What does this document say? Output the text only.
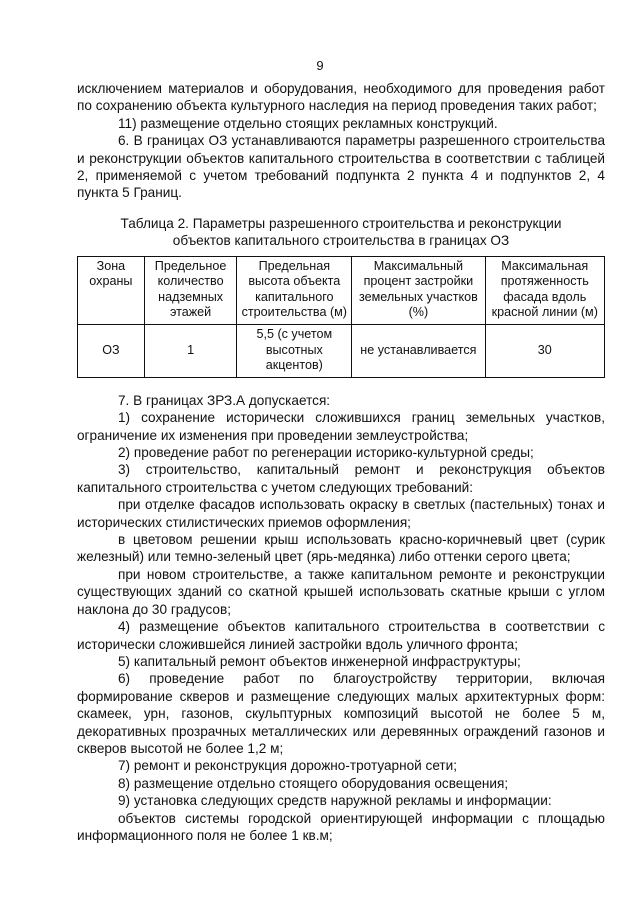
9

исключением материалов и оборудования, необходимого для проведения работ по сохранению объекта культурного наследия на период проведения таких работ;

11) размещение отдельно стоящих рекламных конструкций.

6. В границах ОЗ устанавливаются параметры разрешенного строительства и реконструкции объектов капитального строительства в соответствии с таблицей 2, применяемой с учетом требований подпункта 2 пункта 4 и подпунктов 2, 4 пункта 5 Границ.

Таблица 2. Параметры разрешенного строительства и реконструкции
объектов капитального строительства в границах ОЗ
Зона охраны	Предельное количество надземных этажей	Предельная высота объекта капитального строительства (м)	Максимальный процент застройки земельных участков (%)	Максимальная протяженность фасада вдоль красной линии (м)
ОЗ	1	5,5 (с учетом высотных акцентов)	не устанавливается	30

7. В границах ЗРЗ.А допускается:

1) сохранение исторически сложившихся границ земельных участков, ограничение их изменения при проведении землеустройства;

2) проведение работ по регенерации историко-культурной среды;

3) строительство, капитальный ремонт и реконструкция объектов капитального строительства с учетом следующих требований:

при отделке фасадов использовать окраску в светлых (пастельных) тонах и исторических стилистических приемов оформления;

в цветовом решении крыш использовать красно-коричневый цвет (сурик железный) или темно-зеленый цвет (ярь-медянка) либо оттенки серого цвета;

при новом строительстве, а также капитальном ремонте и реконструкции существующих зданий со скатной крышей использовать скатные крыши с углом наклона до 30 градусов;

4) размещение объектов капитального строительства в соответствии с исторически сложившейся линией застройки вдоль уличного фронта;

5) капитальный ремонт объектов инженерной инфраструктуры;

6) проведение работ по благоустройству территории, включая формирование скверов и размещение следующих малых архитектурных форм: скамеек, урн, газонов, скульптурных композиций высотой не более 5 м, декоративных прозрачных металлических или деревянных ограждений газонов и скверов высотой не более 1,2 м;

7) ремонт и реконструкция дорожно-тротуарной сети;

8) размещение отдельно стоящего оборудования освещения;

9) установка следующих средств наружной рекламы и информации:

объектов системы городской ориентирующей информации с площадью информационного поля не более 1 кв.м;
